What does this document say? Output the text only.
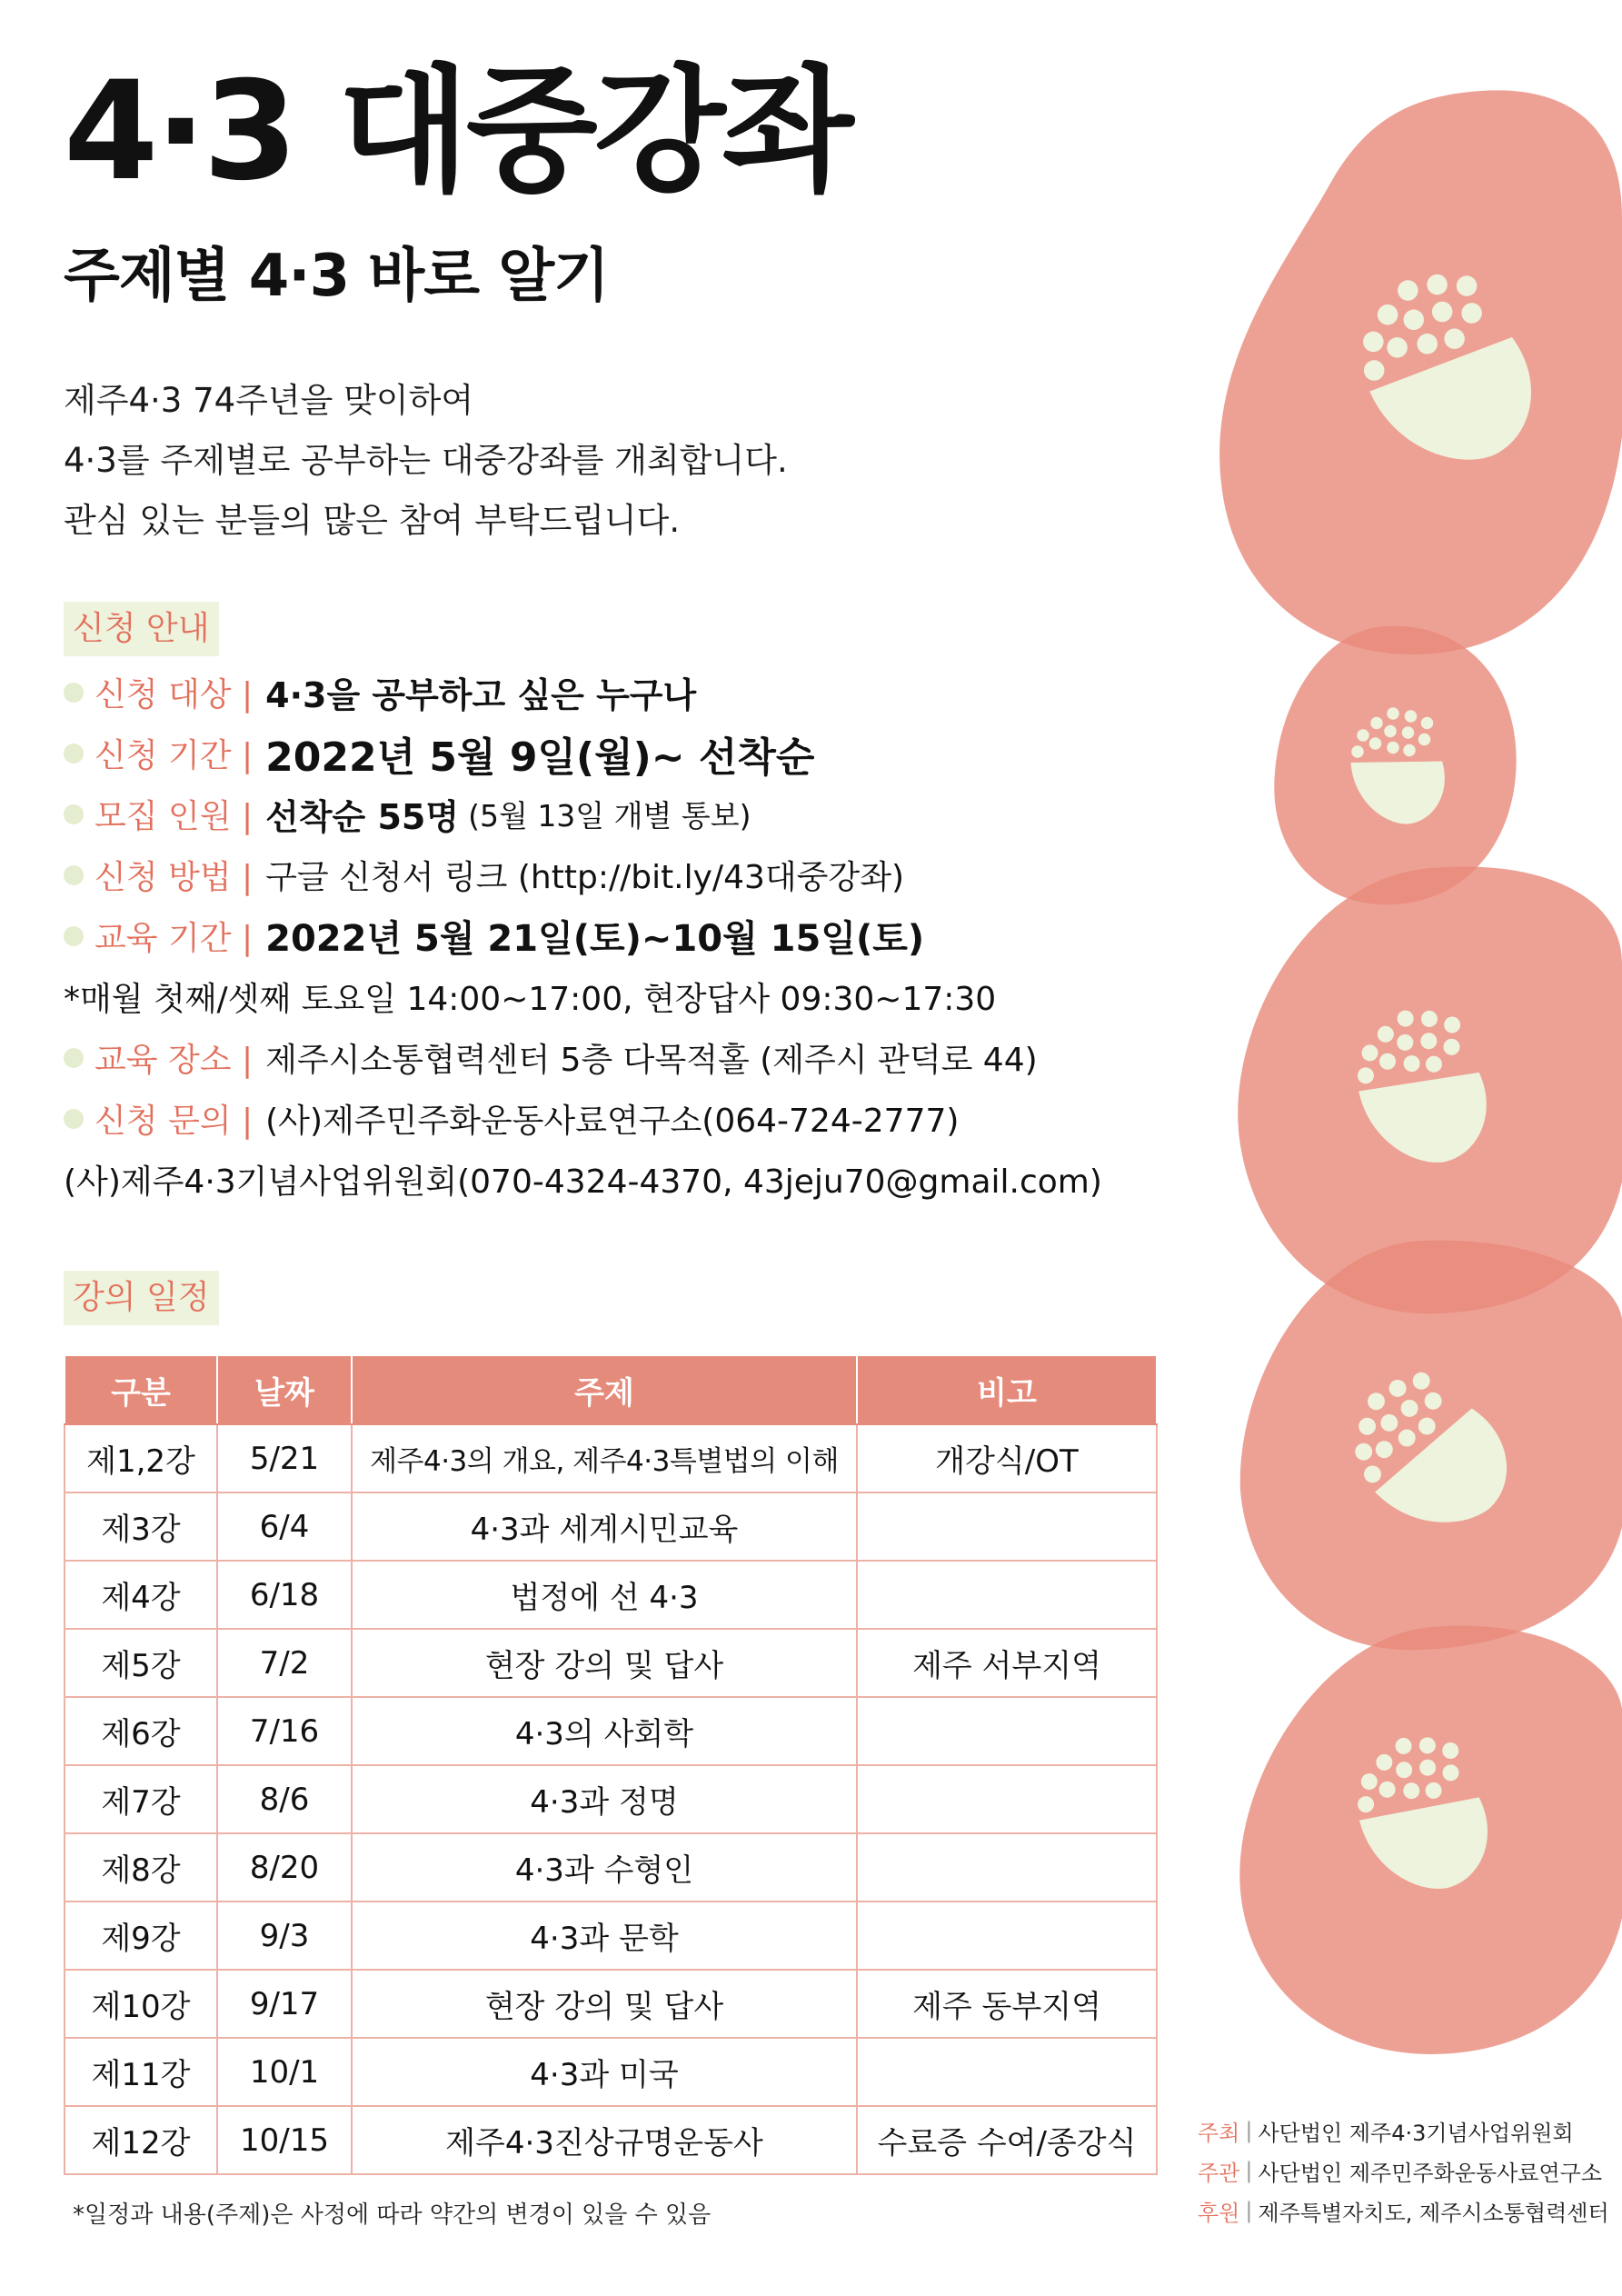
4·3 대중강좌
주제별 4·3 바로 알기
제주4·3 74주년을 맞이하여
4·3를 주제별로 공부하는 대중강좌를 개최합니다.
관심 있는 분들의 많은 참여 부탁드립니다.
신청 안내
신청 대상 | 4·3을 공부하고 싶은 누구나
신청 기간 | 2022년 5월 9일(월)~ 선착순
모집 인원 | 선착순 55명 (5월 13일 개별 통보)
신청 방법 | 구글 신청서 링크 (http://bit.ly/43대중강좌)
교육 기간 | 2022년 5월 21일(토)~10월 15일(토)
*매월 첫째/셋째 토요일 14:00~17:00, 현장답사 09:30~17:30
교육 장소 | 제주시소통협력센터 5층 다목적홀 (제주시 관덕로 44)
신청 문의 | (사)제주민주화운동사료연구소(064-724-2777)
(사)제주4·3기념사업위원회(070-4324-4370, 43jeju70@gmail.com)
강의 일정
구분	날짜	주제	비고
제1,2강	5/21	제주4·3의 개요, 제주4·3특별법의 이해	개강식/OT
제3강	6/4	4·3과 세계시민교육	
제4강	6/18	법정에 선 4·3	
제5강	7/2	현장 강의 및 답사	제주 서부지역
제6강	7/16	4·3의 사회학	
제7강	8/6	4·3과 정명	
제8강	8/20	4·3과 수형인	
제9강	9/3	4·3과 문학	
제10강	9/17	현장 강의 및 답사	제주 동부지역
제11강	10/1	4·3과 미국	
제12강	10/15	제주4·3진상규명운동사	수료증 수여/종강식
*일정과 내용(주제)은 사정에 따라 약간의 변경이 있을 수 있음
주최 | 사단법인 제주4·3기념사업위원회
주관 | 사단법인 제주민주화운동사료연구소
후원 | 제주특별자치도, 제주시소통협력센터
